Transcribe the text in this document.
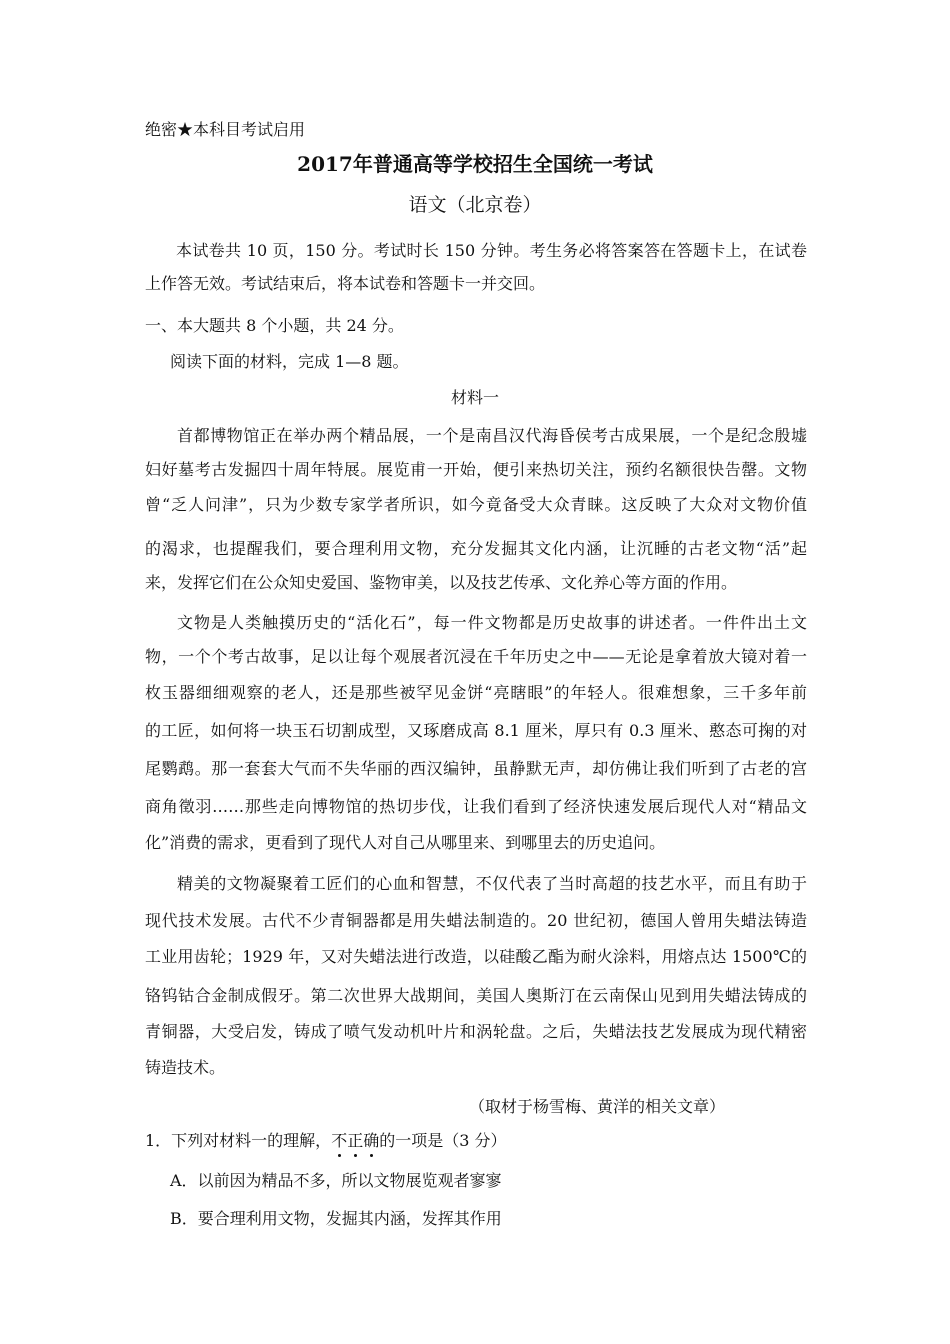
绝密★本科目考试启用
2017年普通高等学校招生全国统一考试
语文（北京卷）
本试卷共 10 页，150 分。考试时长 150 分钟。考生务必将答案答在答题卡上，在试卷
上作答无效。考试结束后，将本试卷和答题卡一并交回。
一、本大题共 8 个小题，共 24 分。
阅读下面的材料，完成 1—8 题。
材料一
首都博物馆正在举办两个精品展，一个是南昌汉代海昏侯考古成果展，一个是纪念殷墟
妇好墓考古发掘四十周年特展。展览甫一开始，便引来热切关注，预约名额很快告罄。文物
曾“乏人问津”，只为少数专家学者所识，如今竟备受大众青睐。这反映了大众对文物价值
的渴求，也提醒我们，要合理利用文物，充分发掘其文化内涵，让沉睡的古老文物“活”起
来，发挥它们在公众知史爱国、鉴物审美，以及技艺传承、文化养心等方面的作用。
文物是人类触摸历史的“活化石”，每一件文物都是历史故事的讲述者。一件件出土文
物，一个个考古故事，足以让每个观展者沉浸在千年历史之中——无论是拿着放大镜对着一
枚玉器细细观察的老人，还是那些被罕见金饼“亮瞎眼”的年轻人。很难想象，三千多年前
的工匠，如何将一块玉石切割成型，又琢磨成高 8.1 厘米，厚只有 0.3 厘米、憨态可掬的对
尾鹦鹉。那一套套大气而不失华丽的西汉编钟，虽静默无声，却仿佛让我们听到了古老的宫
商角徵羽……那些走向博物馆的热切步伐，让我们看到了经济快速发展后现代人对“精品文
化”消费的需求，更看到了现代人对自己从哪里来、到哪里去的历史追问。
精美的文物凝聚着工匠们的心血和智慧，不仅代表了当时高超的技艺水平，而且有助于
现代技术发展。古代不少青铜器都是用失蜡法制造的。20 世纪初，德国人曾用失蜡法铸造
工业用齿轮；1929 年，又对失蜡法进行改造，以硅酸乙酯为耐火涂料，用熔点达 1500℃的
铬钨钴合金制成假牙。第二次世界大战期间，美国人奥斯汀在云南保山见到用失蜡法铸成的
青铜器，大受启发，铸成了喷气发动机叶片和涡轮盘。之后，失蜡法技艺发展成为现代精密
铸造技术。
（取材于杨雪梅、黄洋的相关文章）
1．下列对材料一的理解，不正确的一项是（3 分）
A．以前因为精品不多，所以文物展览观者寥寥
B．要合理利用文物，发掘其内涵，发挥其作用
